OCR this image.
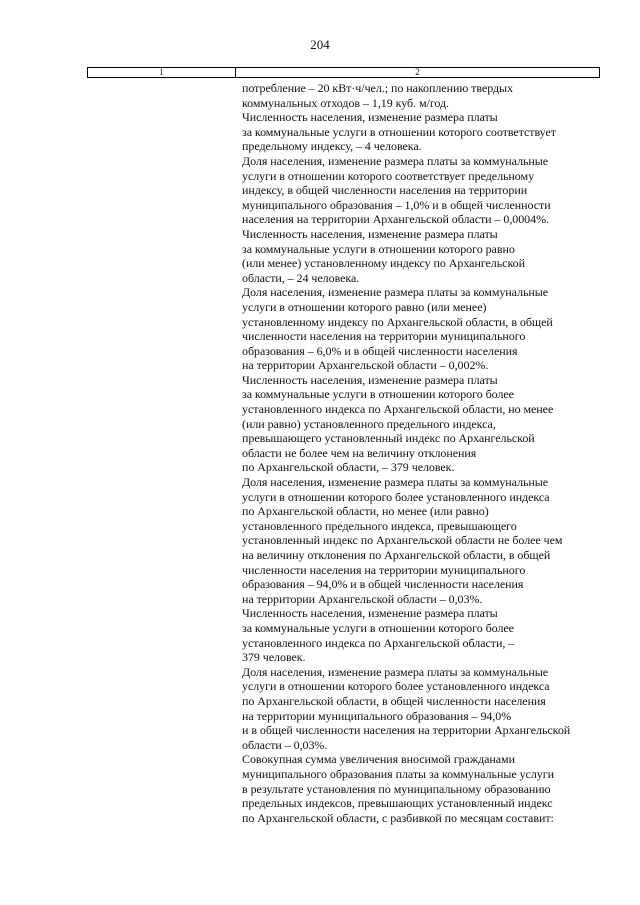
204
1	2
потребление – 20 кВт·ч/чел.; по накоплению твердых
коммунальных отходов – 1,19 куб. м/год.
Численность населения, изменение размера платы
за коммунальные услуги в отношении которого соответствует
предельному индексу, – 4 человека.
Доля населения, изменение размера платы за коммунальные
услуги в отношении которого соответствует предельному
индексу, в общей численности населения на территории
муниципального образования – 1,0% и в общей численности
населения на территории Архангельской области – 0,0004%.
Численность населения, изменение размера платы
за коммунальные услуги в отношении которого равно
(или менее) установленному индексу по Архангельской
области, – 24 человека.
Доля населения, изменение размера платы за коммунальные
услуги в отношении которого равно (или менее)
установленному индексу по Архангельской области, в общей
численности населения на территории муниципального
образования – 6,0% и в общей численности населения
на территории Архангельской области – 0,002%.
Численность населения, изменение размера платы
за коммунальные услуги в отношении которого более
установленного индекса по Архангельской области, но менее
(или равно) установленного предельного индекса,
превышающего установленный индекс по Архангельской
области не более чем на величину отклонения
по Архангельской области, – 379 человек.
Доля населения, изменение размера платы за коммунальные
услуги в отношении которого более установленного индекса
по Архангельской области, но менее (или равно)
установленного предельного индекса, превышающего
установленный индекс по Архангельской области не более чем
на величину отклонения по Архангельской области, в общей
численности населения на территории муниципального
образования – 94,0% и в общей численности населения
на территории Архангельской области – 0,03%.
Численность населения, изменение размера платы
за коммунальные услуги в отношении которого более
установленного индекса по Архангельской области, –
379 человек.
Доля населения, изменение размера платы за коммунальные
услуги в отношении которого более установленного индекса
по Архангельской области, в общей численности населения
на территории муниципального образования – 94,0%
и в общей численности населения на территории Архангельской
области – 0,03%.
Совокупная сумма увеличения вносимой гражданами
муниципального образования платы за коммунальные услуги
в результате установления по муниципальному образованию
предельных индексов, превышающих установленный индекс
по Архангельской области, с разбивкой по месяцам составит:
